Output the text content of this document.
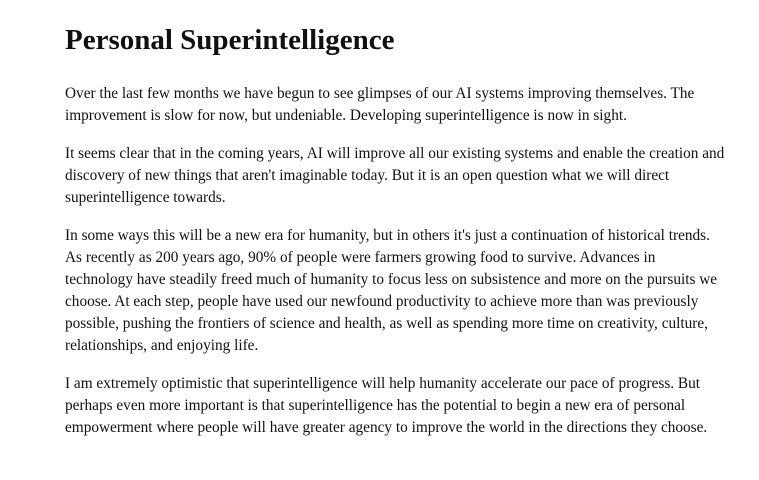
Personal Superintelligence

Over the last few months we have begun to see glimpses of our AI systems improving themselves. The improvement is slow for now, but undeniable. Developing superintelligence is now in sight.

It seems clear that in the coming years, AI will improve all our existing systems and enable the creation and discovery of new things that aren't imaginable today. But it is an open question what we will direct superintelligence towards.

In some ways this will be a new era for humanity, but in others it's just a continuation of historical trends. As recently as 200 years ago, 90% of people were farmers growing food to survive. Advances in technology have steadily freed much of humanity to focus less on subsistence and more on the pursuits we choose. At each step, people have used our newfound productivity to achieve more than was previously possible, pushing the frontiers of science and health, as well as spending more time on creativity, culture, relationships, and enjoying life.

I am extremely optimistic that superintelligence will help humanity accelerate our pace of progress. But perhaps even more important is that superintelligence has the potential to begin a new era of personal empowerment where people will have greater agency to improve the world in the directions they choose.
